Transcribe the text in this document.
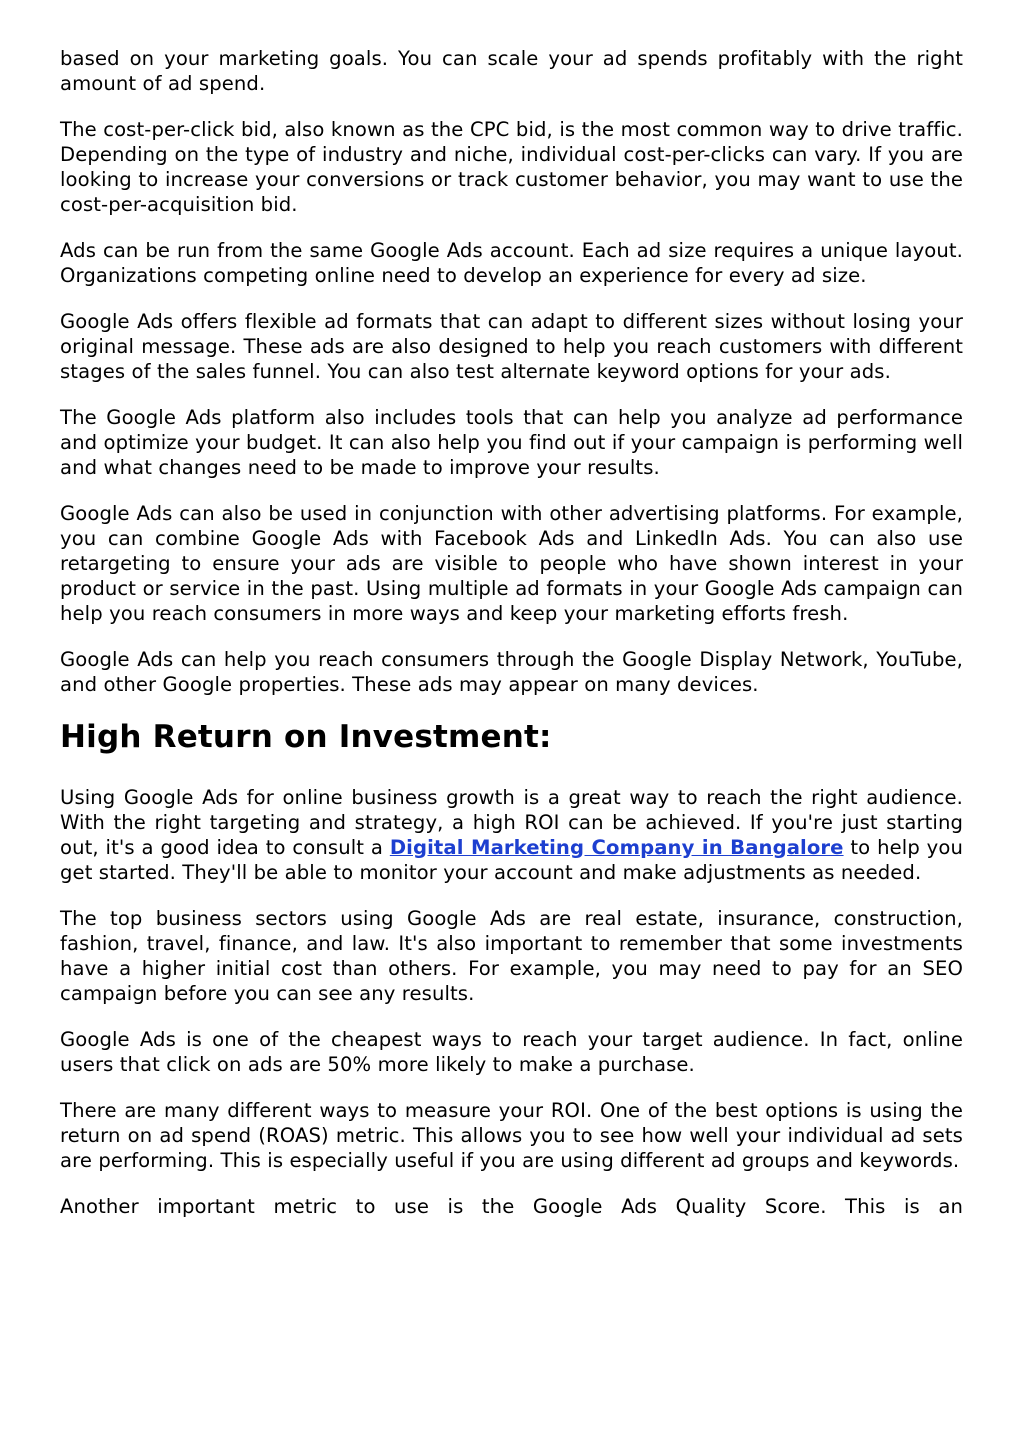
based on your marketing goals. You can scale your ad spends profitably with the right amount of ad spend.

The cost-per-click bid, also known as the CPC bid, is the most common way to drive traffic. Depending on the type of industry and niche, individual cost-per-clicks can vary. If you are looking to increase your conversions or track customer behavior, you may want to use the cost-per-acquisition bid.

Ads can be run from the same Google Ads account. Each ad size requires a unique layout. Organizations competing online need to develop an experience for every ad size.

Google Ads offers flexible ad formats that can adapt to different sizes without losing your original message. These ads are also designed to help you reach customers with different stages of the sales funnel. You can also test alternate keyword options for your ads.

The Google Ads platform also includes tools that can help you analyze ad performance and optimize your budget. It can also help you find out if your campaign is performing well and what changes need to be made to improve your results.

Google Ads can also be used in conjunction with other advertising platforms. For example, you can combine Google Ads with Facebook Ads and LinkedIn Ads. You can also use retargeting to ensure your ads are visible to people who have shown interest in your product or service in the past. Using multiple ad formats in your Google Ads campaign can help you reach consumers in more ways and keep your marketing efforts fresh.

Google Ads can help you reach consumers through the Google Display Network, YouTube, and other Google properties. These ads may appear on many devices.

High Return on Investment:

Using Google Ads for online business growth is a great way to reach the right audience. With the right targeting and strategy, a high ROI can be achieved. If you're just starting out, it's a good idea to consult a Digital Marketing Company in Bangalore to help you get started. They'll be able to monitor your account and make adjustments as needed.

The top business sectors using Google Ads are real estate, insurance, construction, fashion, travel, finance, and law. It's also important to remember that some investments have a higher initial cost than others. For example, you may need to pay for an SEO campaign before you can see any results.

Google Ads is one of the cheapest ways to reach your target audience. In fact, online users that click on ads are 50% more likely to make a purchase.

There are many different ways to measure your ROI. One of the best options is using the return on ad spend (ROAS) metric. This allows you to see how well your individual ad sets are performing. This is especially useful if you are using different ad groups and keywords.

Another important metric to use is the Google Ads Quality Score. This is an
